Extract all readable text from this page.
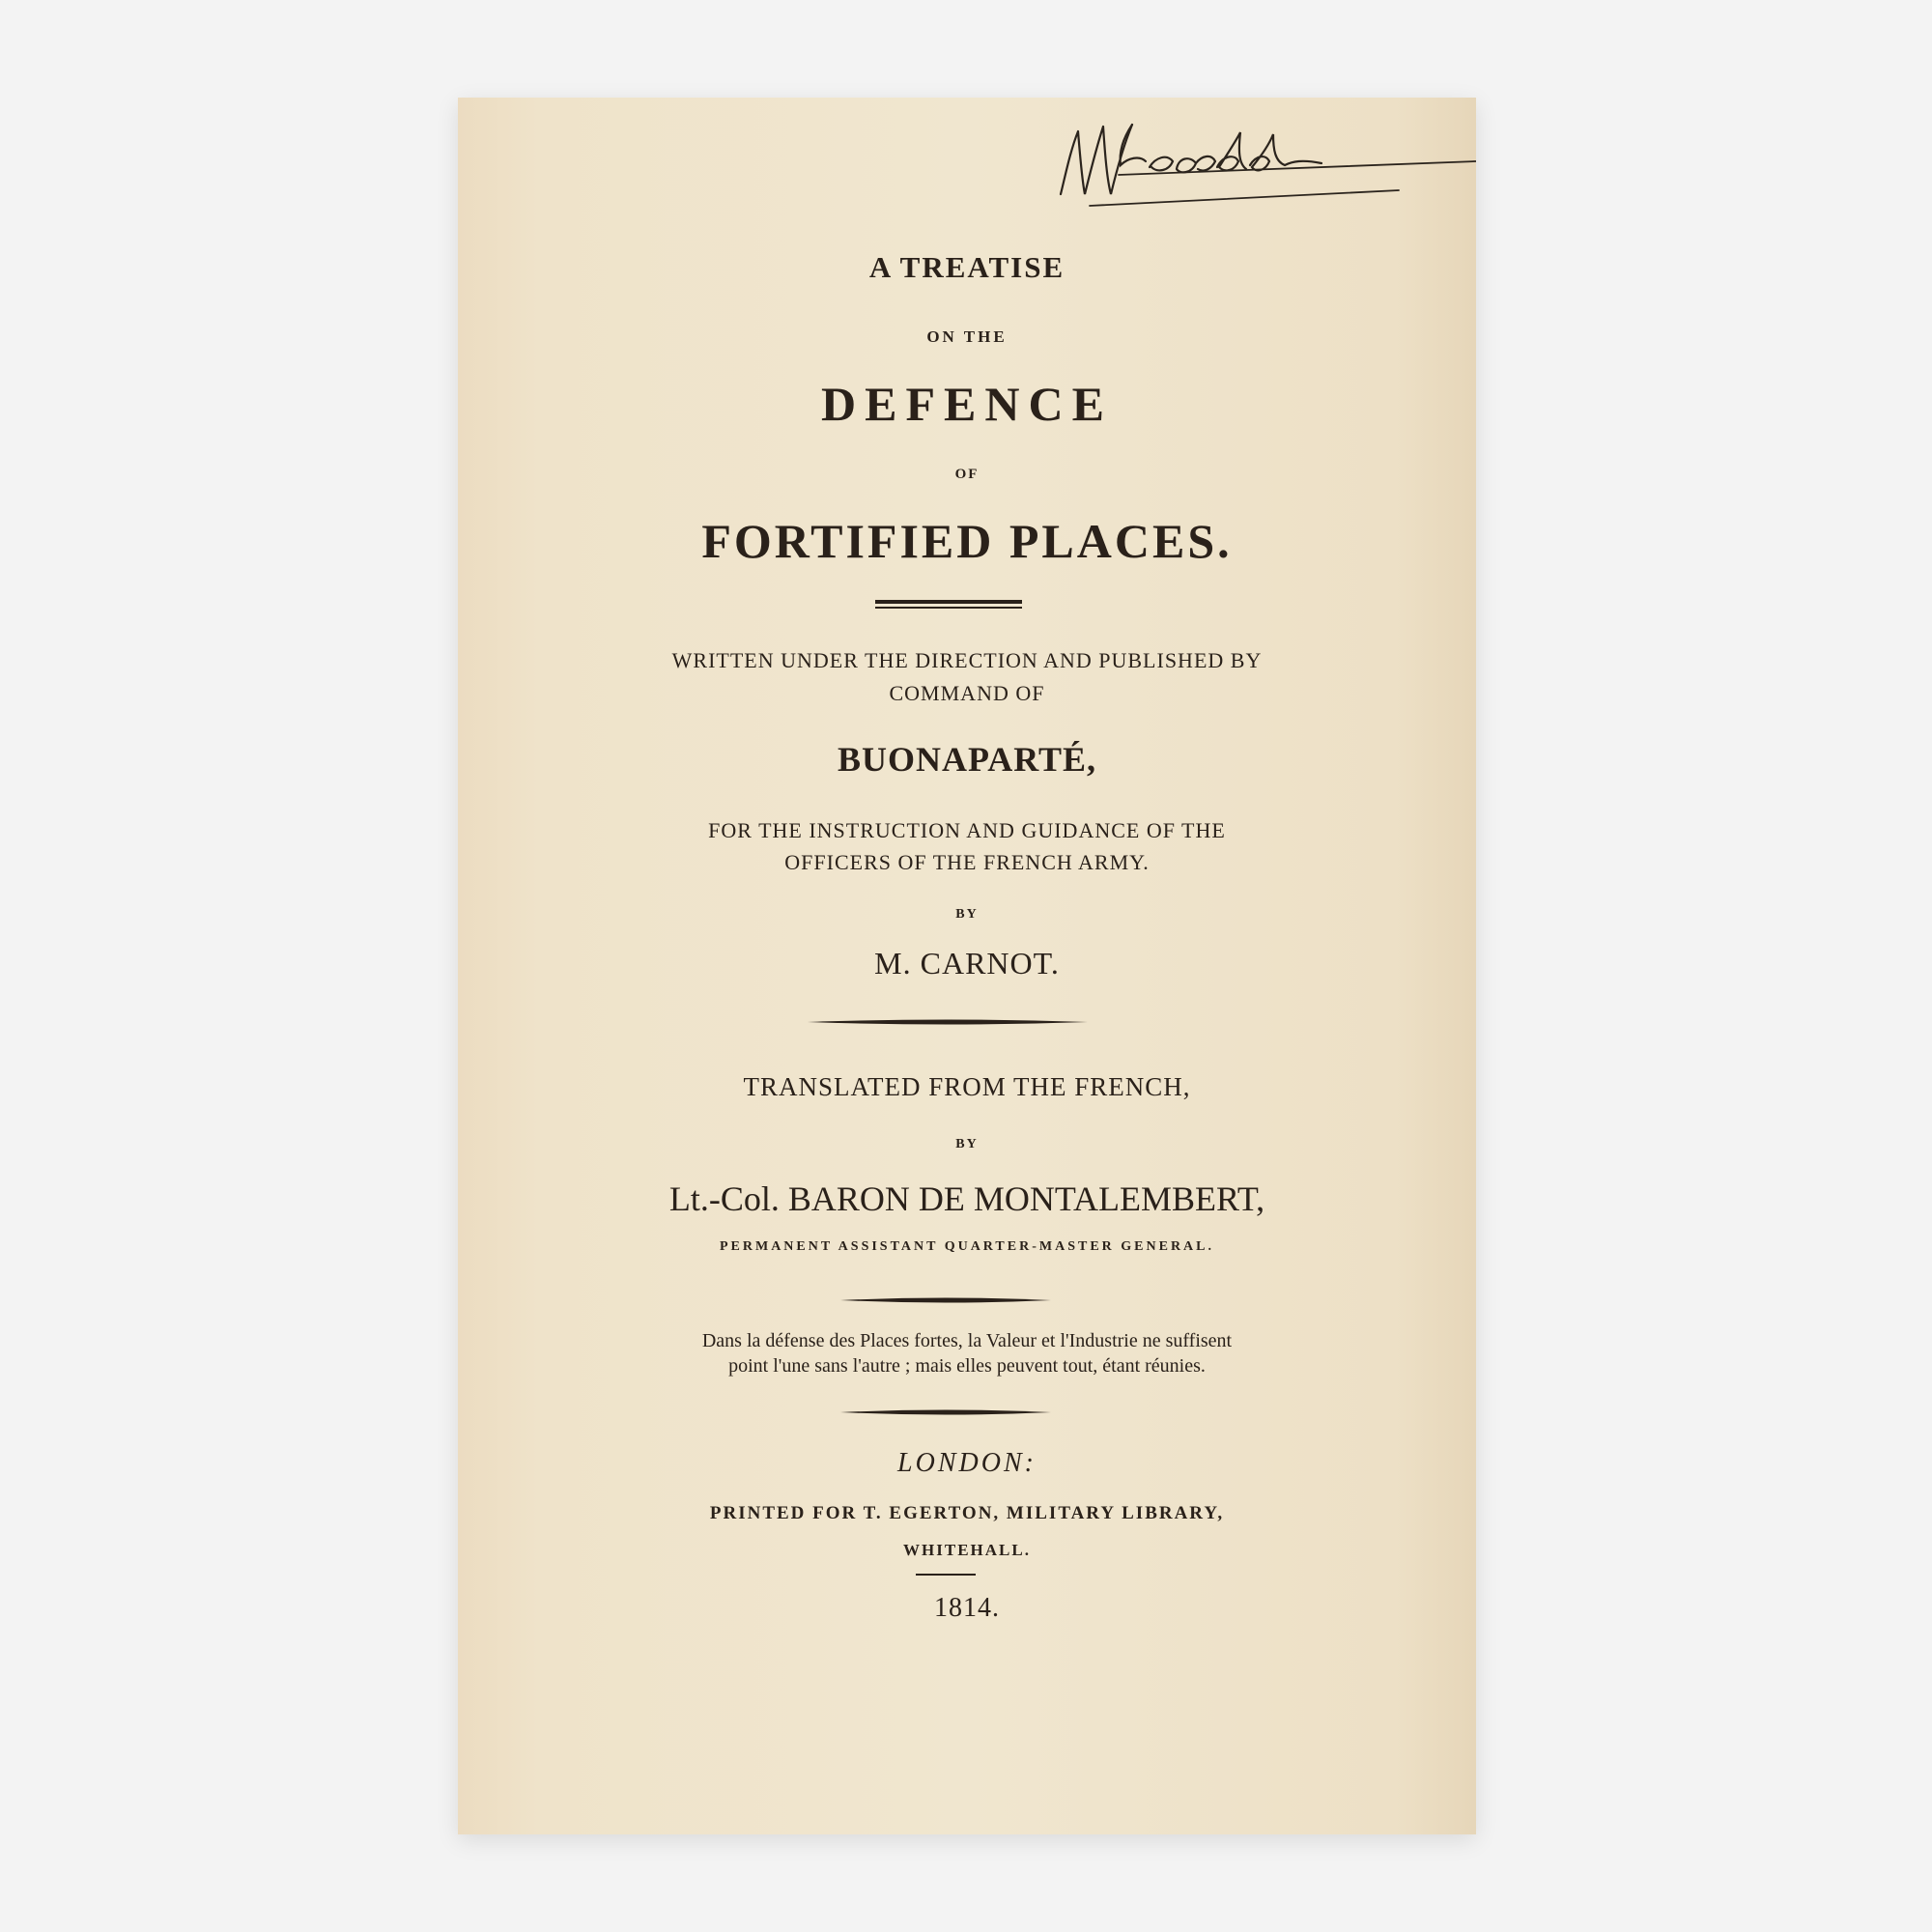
A TREATISE

ON THE

DEFENCE

OF

FORTIFIED PLACES.

WRITTEN UNDER THE DIRECTION AND PUBLISHED BY

COMMAND OF

BUONAPARTÉ,

FOR THE INSTRUCTION AND GUIDANCE OF THE

OFFICERS OF THE FRENCH ARMY.

BY

M. CARNOT.

TRANSLATED FROM THE FRENCH,

BY

Lt.-Col. BARON DE MONTALEMBERT,

PERMANENT ASSISTANT QUARTER-MASTER GENERAL.

Dans la défense des Places fortes, la Valeur et l'Industrie ne suffisent

point l'une sans l'autre ; mais elles peuvent tout, étant réunies.

LONDON:

PRINTED FOR T. EGERTON, MILITARY LIBRARY,

WHITEHALL.

1814.
